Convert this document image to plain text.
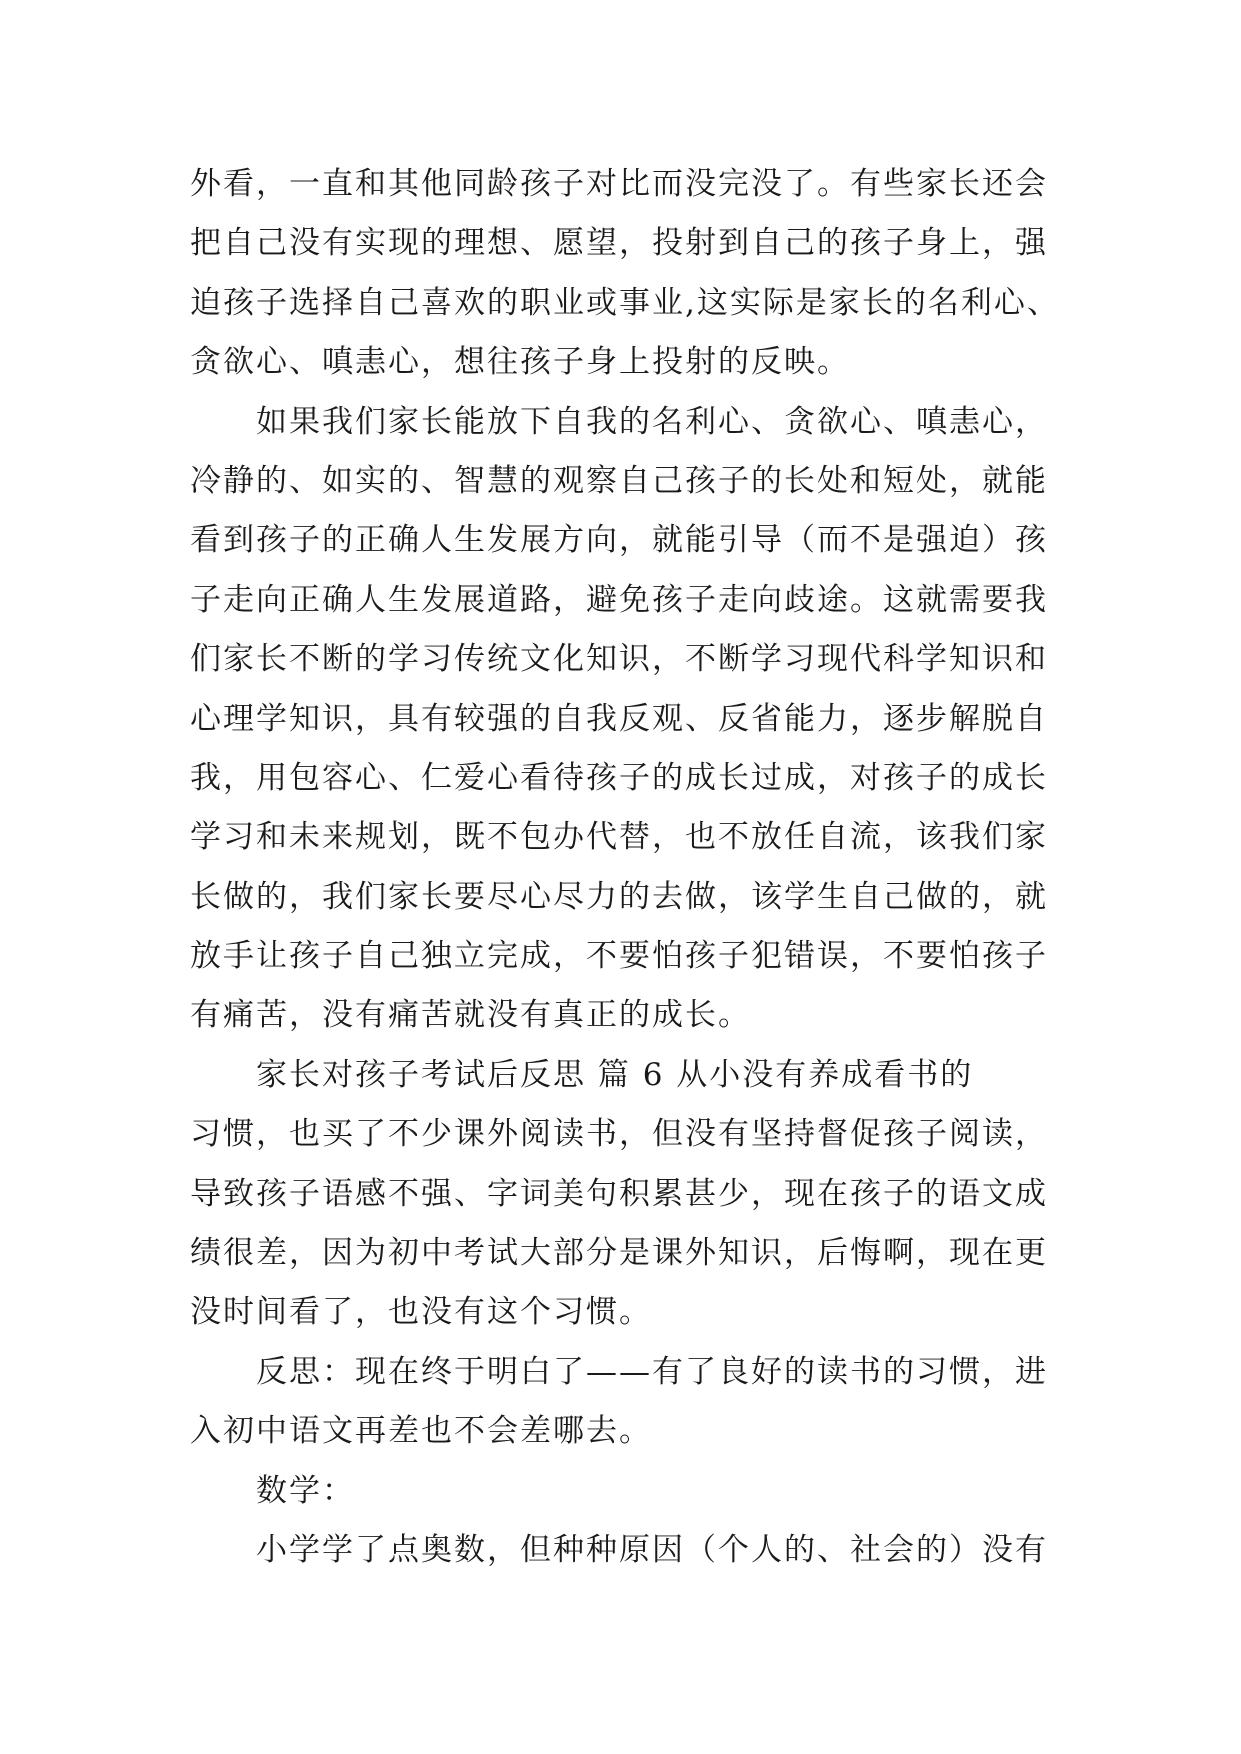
外看，一直和其他同龄孩子对比而没完没了。有些家长还会
把自己没有实现的理想、愿望，投射到自己的孩子身上，强
迫孩子选择自己喜欢的职业或事业,这实际是家长的名利心、
贪欲心、嗔恚心，想往孩子身上投射的反映。
如果我们家长能放下自我的名利心、贪欲心、嗔恚心，
冷静的、如实的、智慧的观察自己孩子的长处和短处，就能
看到孩子的正确人生发展方向，就能引导（而不是强迫）孩
子走向正确人生发展道路，避免孩子走向歧途。这就需要我
们家长不断的学习传统文化知识，不断学习现代科学知识和
心理学知识，具有较强的自我反观、反省能力，逐步解脱自
我，用包容心、仁爱心看待孩子的成长过成，对孩子的成长
学习和未来规划，既不包办代替，也不放任自流，该我们家
长做的，我们家长要尽心尽力的去做，该学生自己做的，就
放手让孩子自己独立完成，不要怕孩子犯错误，不要怕孩子
有痛苦，没有痛苦就没有真正的成长。
家长对孩子考试后反思 篇 6 从小没有养成看书的
习惯，也买了不少课外阅读书，但没有坚持督促孩子阅读，
导致孩子语感不强、字词美句积累甚少，现在孩子的语文成
绩很差，因为初中考试大部分是课外知识，后悔啊，现在更
没时间看了，也没有这个习惯。
反思：现在终于明白了——有了良好的读书的习惯，进
入初中语文再差也不会差哪去。
数学：
小学学了点奥数，但种种原因（个人的、社会的）没有
